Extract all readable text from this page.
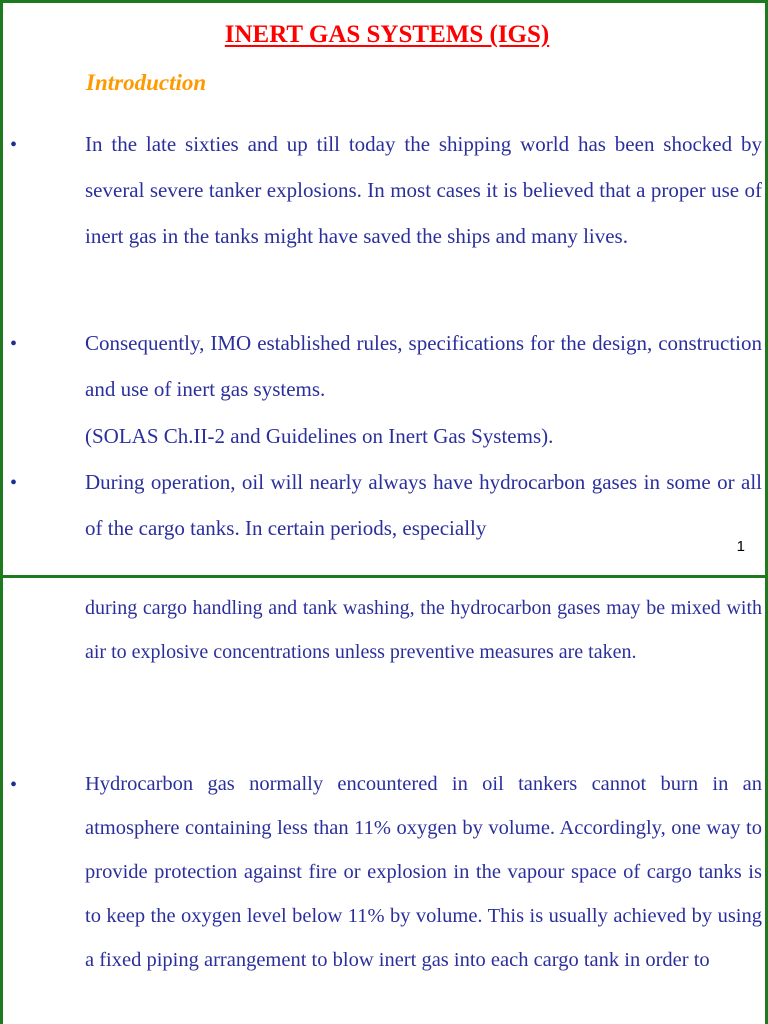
INERT GAS SYSTEMS (IGS)
Introduction
•	In the late sixties and up till today the shipping world has been shocked by several severe tanker explosions. In most cases it is believed that a proper use of inert gas in the tanks might have saved the ships and many lives.

•	Consequently, IMO established rules, specifications for the design, construction and use of inert gas systems.

(SOLAS Ch.II-2 and Guidelines on Inert Gas Systems).

•	During operation, oil will nearly always have hydrocarbon gases in some or all of the cargo tanks. In certain periods, especially

1

during cargo handling and tank washing, the hydrocarbon gases may be mixed with air to explosive concentrations unless preventive measures are taken.

•	Hydrocarbon gas normally encountered in oil tankers cannot burn in an atmosphere containing less than 11% oxygen by volume. Accordingly, one way to provide protection against fire or explosion in the vapour space of cargo tanks is to keep the oxygen level below 11% by volume. This is usually achieved by using a fixed piping arrangement to blow inert gas into each cargo tank in order to
